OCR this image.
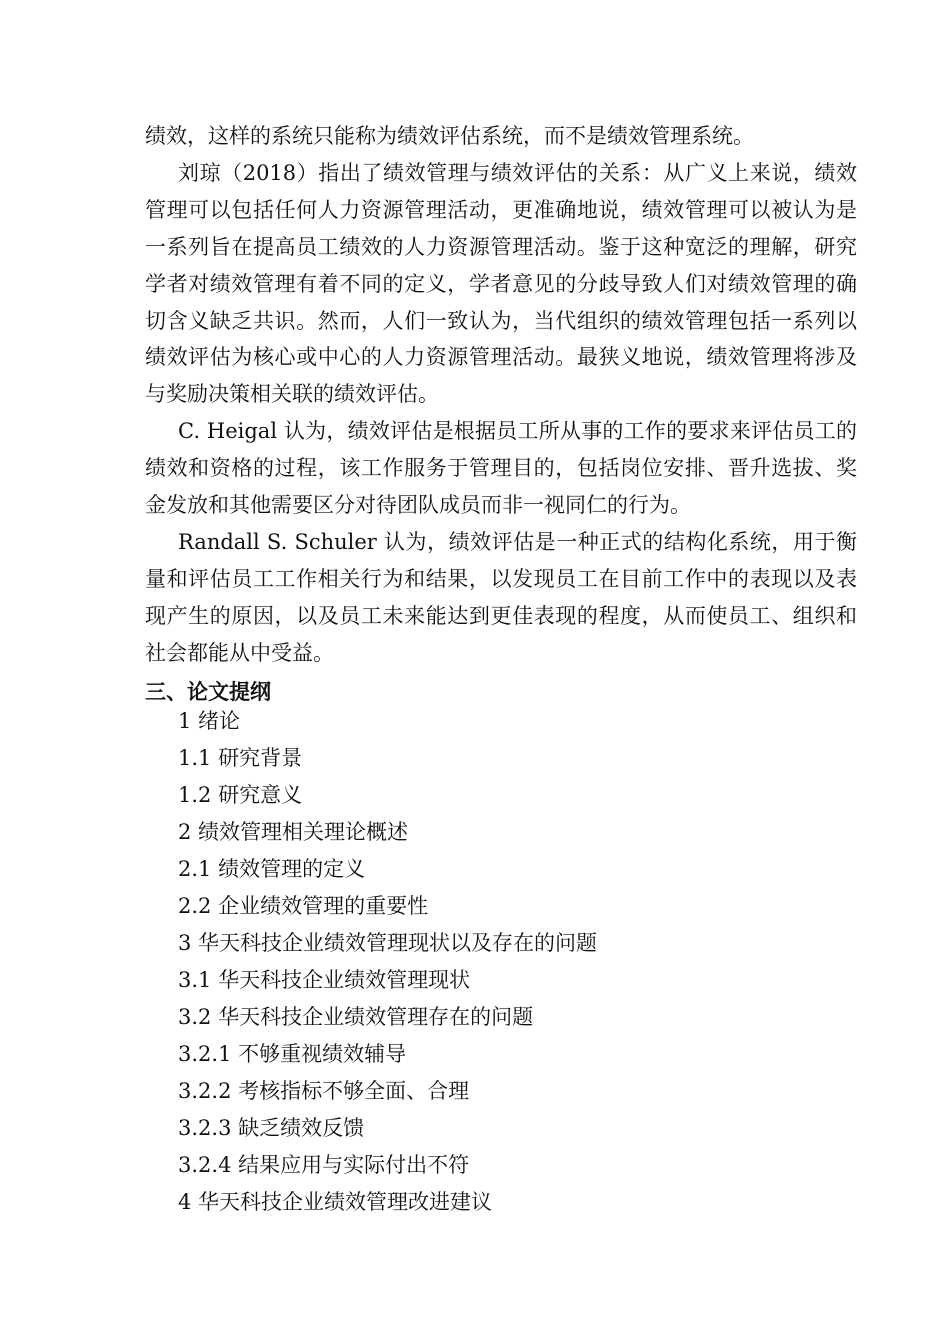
绩效，这样的系统只能称为绩效评估系统，而不是绩效管理系统。

刘琼（2018）指出了绩效管理与绩效评估的关系：从广义上来说，绩效管理可以包括任何人力资源管理活动，更准确地说，绩效管理可以被认为是一系列旨在提高员工绩效的人力资源管理活动。鉴于这种宽泛的理解，研究学者对绩效管理有着不同的定义，学者意见的分歧导致人们对绩效管理的确切含义缺乏共识。然而，人们一致认为，当代组织的绩效管理包括一系列以绩效评估为核心或中心的人力资源管理活动。最狭义地说，绩效管理将涉及与奖励决策相关联的绩效评估。

C. Heigal 认为，绩效评估是根据员工所从事的工作的要求来评估员工的绩效和资格的过程，该工作服务于管理目的，包括岗位安排、晋升选拔、奖金发放和其他需要区分对待团队成员而非一视同仁的行为。

Randall S. Schuler 认为，绩效评估是一种正式的结构化系统，用于衡量和评估员工工作相关行为和结果，以发现员工在目前工作中的表现以及表现产生的原因，以及员工未来能达到更佳表现的程度，从而使员工、组织和社会都能从中受益。

三、论文提纲
1 绪论
1.1 研究背景
1.2 研究意义
2 绩效管理相关理论概述
2.1 绩效管理的定义
2.2 企业绩效管理的重要性
3 华天科技企业绩效管理现状以及存在的问题
3.1 华天科技企业绩效管理现状
3.2 华天科技企业绩效管理存在的问题
3.2.1 不够重视绩效辅导
3.2.2 考核指标不够全面、合理
3.2.3 缺乏绩效反馈
3.2.4 结果应用与实际付出不符
4 华天科技企业绩效管理改进建议
